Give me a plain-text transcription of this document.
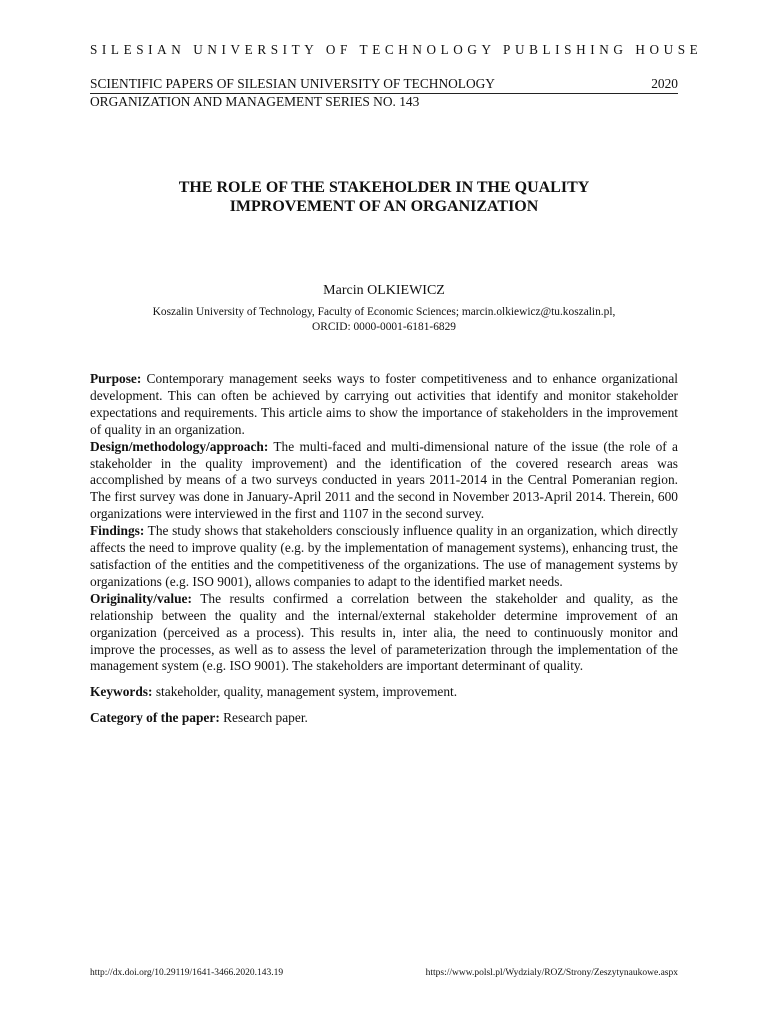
SILESIAN UNIVERSITY OF TECHNOLOGY PUBLISHING HOUSE
SCIENTIFIC PAPERS OF SILESIAN UNIVERSITY OF TECHNOLOGY	2020
ORGANIZATION AND MANAGEMENT SERIES NO. 143
THE ROLE OF THE STAKEHOLDER IN THE QUALITY
IMPROVEMENT OF AN ORGANIZATION
Marcin OLKIEWICZ
Koszalin University of Technology, Faculty of Economic Sciences; marcin.olkiewicz@tu.koszalin.pl,
ORCID: 0000-0001-6181-6829

Purpose: Contemporary management seeks ways to foster competitiveness and to enhance organizational development. This can often be achieved by carrying out activities that identify and monitor stakeholder expectations and requirements. This article aims to show the importance of stakeholders in the improvement of quality in an organization.

Design/methodology/approach: The multi-faced and multi-dimensional nature of the issue (the role of a stakeholder in the quality improvement) and the identification of the covered research areas was accomplished by means of a two surveys conducted in years 2011-2014 in the Central Pomeranian region. The first survey was done in January-April 2011 and the second in November 2013-April 2014. Therein, 600 organizations were interviewed in the first and 1107 in the second survey.

Findings: The study shows that stakeholders consciously influence quality in an organization, which directly affects the need to improve quality (e.g. by the implementation of management systems), enhancing trust, the satisfaction of the entities and the competitiveness of the organizations. The use of management systems by organizations (e.g. ISO 9001), allows companies to adapt to the identified market needs.

Originality/value: The results confirmed a correlation between the stakeholder and quality, as the relationship between the quality and the internal/external stakeholder determine improvement of an organization (perceived as a process). This results in, inter alia, the need to continuously monitor and improve the processes, as well as to assess the level of parameterization through the implementation of the management system (e.g. ISO 9001). The stakeholders are important determinant of quality.

Keywords: stakeholder, quality, management system, improvement.

Category of the paper: Research paper.

http://dx.doi.org/10.29119/1641-3466.2020.143.19	https://www.polsl.pl/Wydzialy/ROZ/Strony/Zeszytynaukowe.aspx
